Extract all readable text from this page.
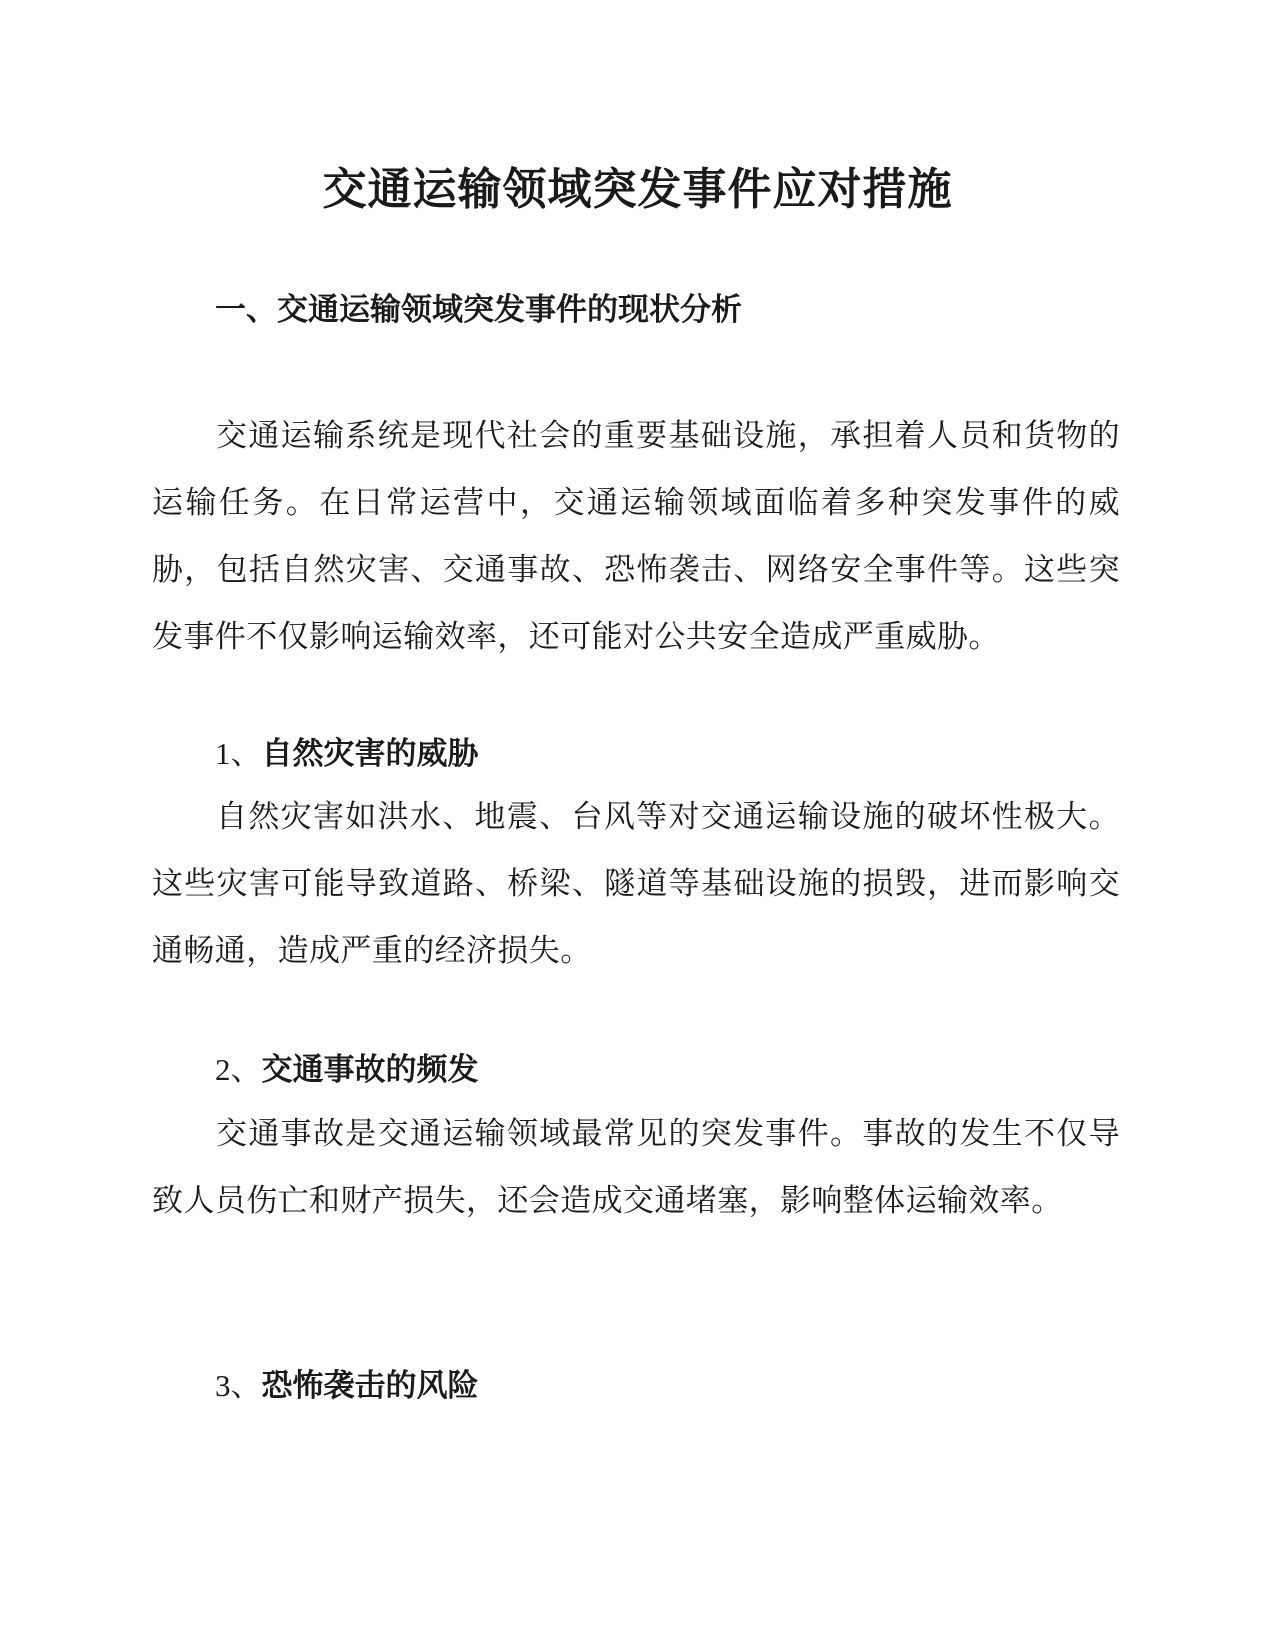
交通运输领域突发事件应对措施
一、交通运输领域突发事件的现状分析

交通运输系统是现代社会的重要基础设施，承担着人员和货物的运输任务。在日常运营中，交通运输领域面临着多种突发事件的威胁，包括自然灾害、交通事故、恐怖袭击、网络安全事件等。这些突发事件不仅影响运输效率，还可能对公共安全造成严重威胁。

1、自然灾害的威胁

自然灾害如洪水、地震、台风等对交通运输设施的破坏性极大。这些灾害可能导致道路、桥梁、隧道等基础设施的损毁，进而影响交通畅通，造成严重的经济损失。

2、交通事故的频发

交通事故是交通运输领域最常见的突发事件。事故的发生不仅导致人员伤亡和财产损失，还会造成交通堵塞，影响整体运输效率。

3、恐怖袭击的风险
